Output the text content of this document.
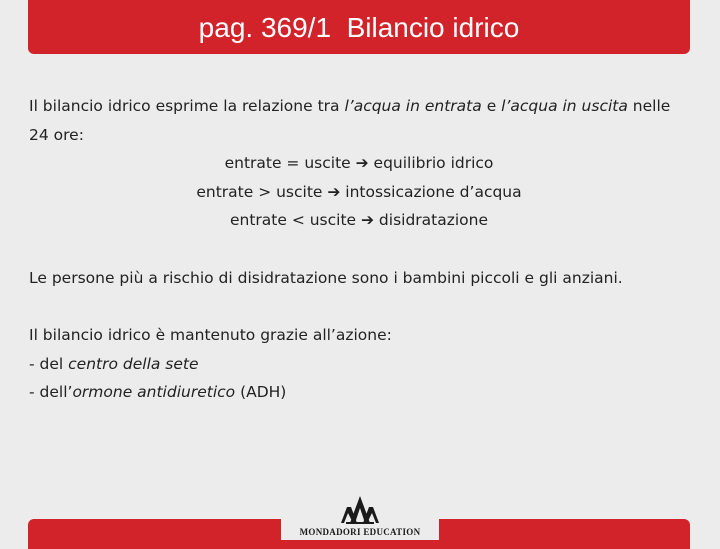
pag. 369/1  Bilancio idrico

Il bilancio idrico esprime la relazione tra l’acqua in entrata e l’acqua in uscita nelle 24 ore:

entrate = uscite ➔ equilibrio idrico

entrate > uscite ➔ intossicazione d’acqua

entrate < uscite ➔ disidratazione

Le persone più a rischio di disidratazione sono i bambini piccoli e gli anziani.

Il bilancio idrico è mantenuto grazie all’azione:

- del centro della sete

- dell’ormone antidiuretico (ADH)

MONDADORI EDUCATION
